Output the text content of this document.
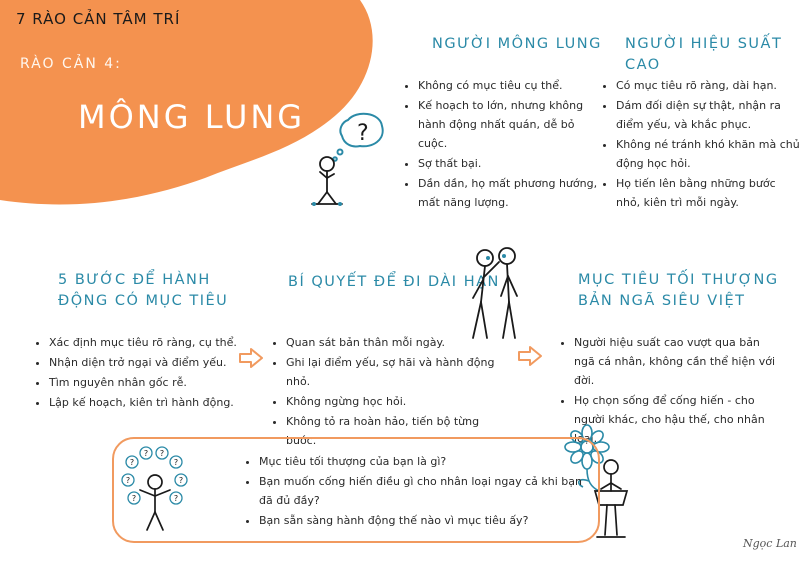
7 RÀO CẢN TÂM TRÍ
RÀO CẢN 4:
MÔNG LUNG ?
NGƯỜI MÔNG LUNG
• Không có mục tiêu cụ thể.
• Kế hoạch to lớn, nhưng không hành động nhất quán, dễ bỏ cuộc.
• Sợ thất bại.
• Dần dần, họ mất phương hướng, mất năng lượng.
NGƯỜI HIỆU SUẤT CAO
• Có mục tiêu rõ ràng, dài hạn.
• Dám đối diện sự thật, nhận ra điểm yếu, và khắc phục.
• Không né tránh khó khăn mà chủ động học hỏi.
• Họ tiến lên bằng những bước nhỏ, kiên trì mỗi ngày.
5 BƯỚC ĐỂ HÀNH
ĐỘNG CÓ MỤC TIÊU
• Xác định mục tiêu rõ ràng, cụ thể.
• Nhận diện trở ngại và điểm yếu.
• Tìm nguyên nhân gốc rễ.
• Lập kế hoạch, kiên trì hành động.
BÍ QUYẾT ĐỂ ĐI DÀI HẠN
• Quan sát bản thân mỗi ngày.
• Ghi lại điểm yếu, sợ hãi và hành động nhỏ.
• Không ngừng học hỏi.
• Không tỏ ra hoàn hảo, tiến bộ từng bước.
MỤC TIÊU TỐI THƯỢNG
BẢN NGÃ SIÊU VIỆT
• Người hiệu suất cao vượt qua bản ngã cá nhân, không cần thể hiện với đời.
• Họ chọn sống để cống hiến - cho người khác, cho hậu thế, cho nhân loại.
?
? ?
?
?	?
?	?
• Mục tiêu tối thượng của bạn là gì?
• Bạn muốn cống hiến điều gì cho nhân loại ngay cả khi bạn đã đủ đầy?
• Bạn sẵn sàng hành động thế nào vì mục tiêu ấy?
Ngọc Lan
